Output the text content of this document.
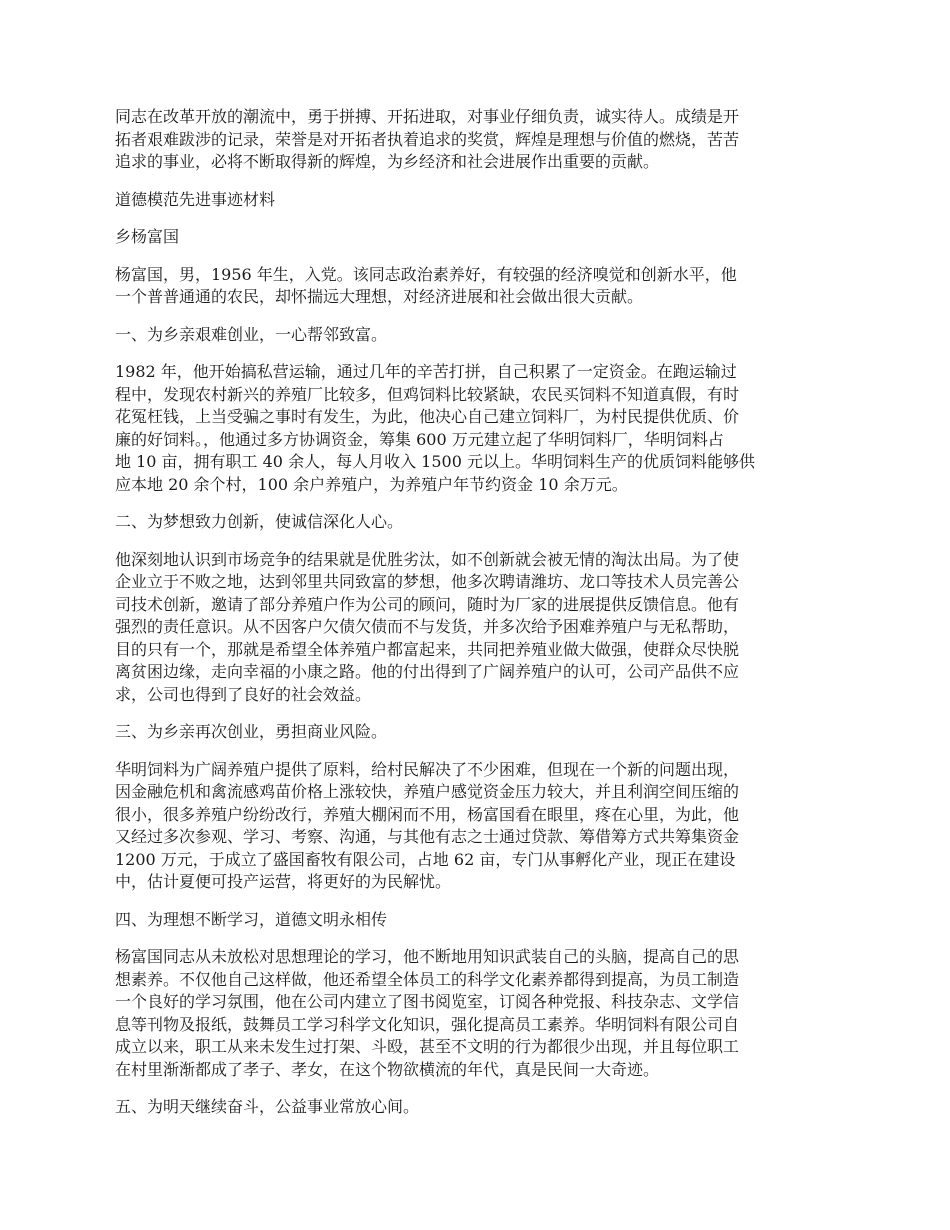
同志在改革开放的潮流中，勇于拼搏、开拓进取，对事业仔细负责，诚实待人。成绩是开
拓者艰难跋涉的记录，荣誉是对开拓者执着追求的奖赏，辉煌是理想与价值的燃烧，苦苦
追求的事业，必将不断取得新的辉煌，为乡经济和社会进展作出重要的贡献。

道德模范先进事迹材料

乡杨富国

杨富国，男，1956 年生，入党。该同志政治素养好，有较强的经济嗅觉和创新水平，他
一个普普通通的农民，却怀揣远大理想，对经济进展和社会做出很大贡献。

一、为乡亲艰难创业，一心帮邻致富。

1982 年，他开始搞私营运输，通过几年的辛苦打拼，自己积累了一定资金。在跑运输过
程中，发现农村新兴的养殖厂比较多，但鸡饲料比较紧缺，农民买饲料不知道真假，有时
花冤枉钱，上当受骗之事时有发生，为此，他决心自己建立饲料厂，为村民提供优质、价
廉的好饲料。，他通过多方协调资金，筹集 600 万元建立起了华明饲料厂，华明饲料占
地 10 亩，拥有职工 40 余人，每人月收入 1500 元以上。华明饲料生产的优质饲料能够供
应本地 20 余个村，100 余户养殖户，为养殖户年节约资金 10 余万元。

二、为梦想致力创新，使诚信深化人心。

他深刻地认识到市场竞争的结果就是优胜劣汰，如不创新就会被无情的淘汰出局。为了使
企业立于不败之地，达到邻里共同致富的梦想，他多次聘请潍坊、龙口等技术人员完善公
司技术创新，邀请了部分养殖户作为公司的顾问，随时为厂家的进展提供反馈信息。他有
强烈的责任意识。从不因客户欠债欠债而不与发货，并多次给予困难养殖户与无私帮助，
目的只有一个，那就是希望全体养殖户都富起来，共同把养殖业做大做强，使群众尽快脱
离贫困边缘，走向幸福的小康之路。他的付出得到了广阔养殖户的认可，公司产品供不应
求，公司也得到了良好的社会效益。

三、为乡亲再次创业，勇担商业风险。

华明饲料为广阔养殖户提供了原料，给村民解决了不少困难，但现在一个新的问题出现，
因金融危机和禽流感鸡苗价格上涨较快，养殖户感觉资金压力较大，并且利润空间压缩的
很小，很多养殖户纷纷改行，养殖大棚闲而不用，杨富国看在眼里，疼在心里，为此，他
又经过多次参观、学习、考察、沟通，与其他有志之士通过贷款、筹借筹方式共筹集资金
1200 万元，于成立了盛国畜牧有限公司，占地 62 亩，专门从事孵化产业，现正在建设
中，估计夏便可投产运营，将更好的为民解忧。

四、为理想不断学习，道德文明永相传

杨富国同志从未放松对思想理论的学习，他不断地用知识武装自己的头脑，提高自己的思
想素养。不仅他自己这样做，他还希望全体员工的科学文化素养都得到提高，为员工制造
一个良好的学习氛围，他在公司内建立了图书阅览室，订阅各种党报、科技杂志、文学信
息等刊物及报纸，鼓舞员工学习科学文化知识，强化提高员工素养。华明饲料有限公司自
成立以来，职工从来未发生过打架、斗殴，甚至不文明的行为都很少出现，并且每位职工
在村里渐渐都成了孝子、孝女，在这个物欲横流的年代，真是民间一大奇迹。

五、为明天继续奋斗，公益事业常放心间。
